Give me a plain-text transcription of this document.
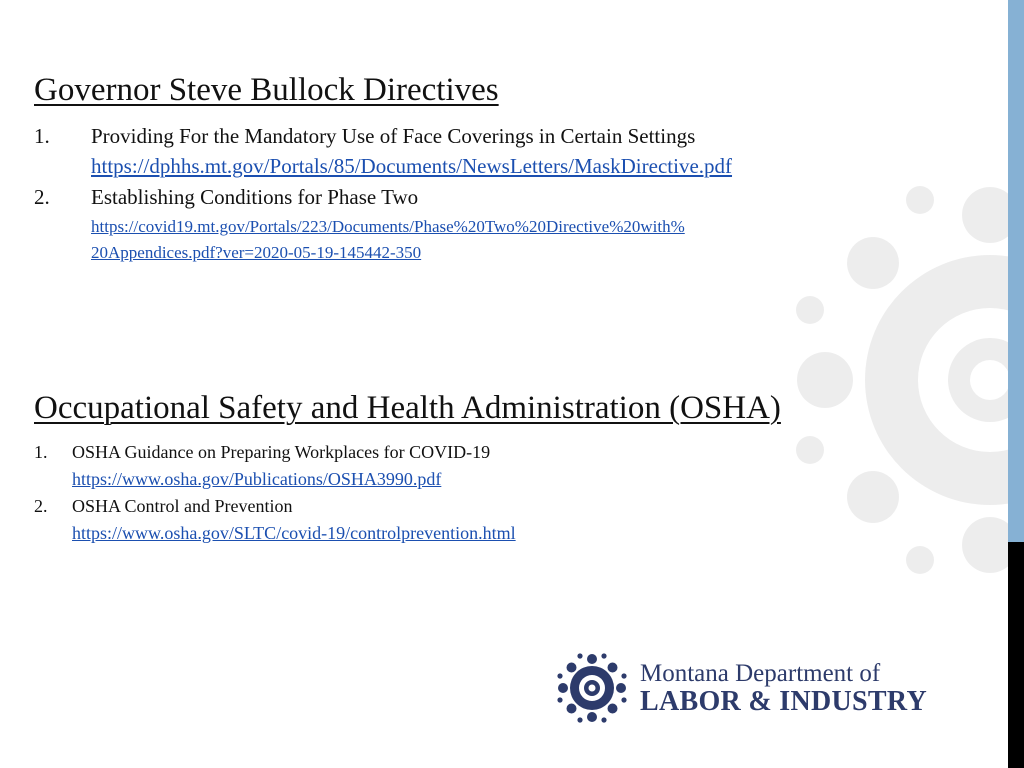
Governor Steve Bullock Directives
1. Providing For the Mandatory Use of Face Coverings in Certain Settings
https://dphhs.mt.gov/Portals/85/Documents/NewsLetters/MaskDirective.pdf
2. Establishing Conditions for Phase Two
https://covid19.mt.gov/Portals/223/Documents/Phase%20Two%20Directive%20with%
20Appendices.pdf?ver=2020-05-19-145442-350
Occupational Safety and Health Administration (OSHA)
1. OSHA Guidance on Preparing Workplaces for COVID-19
https://www.osha.gov/Publications/OSHA3990.pdf
2. OSHA Control and Prevention
https://www.osha.gov/SLTC/covid-19/controlprevention.html
Montana Department of
LABOR & INDUSTRY
